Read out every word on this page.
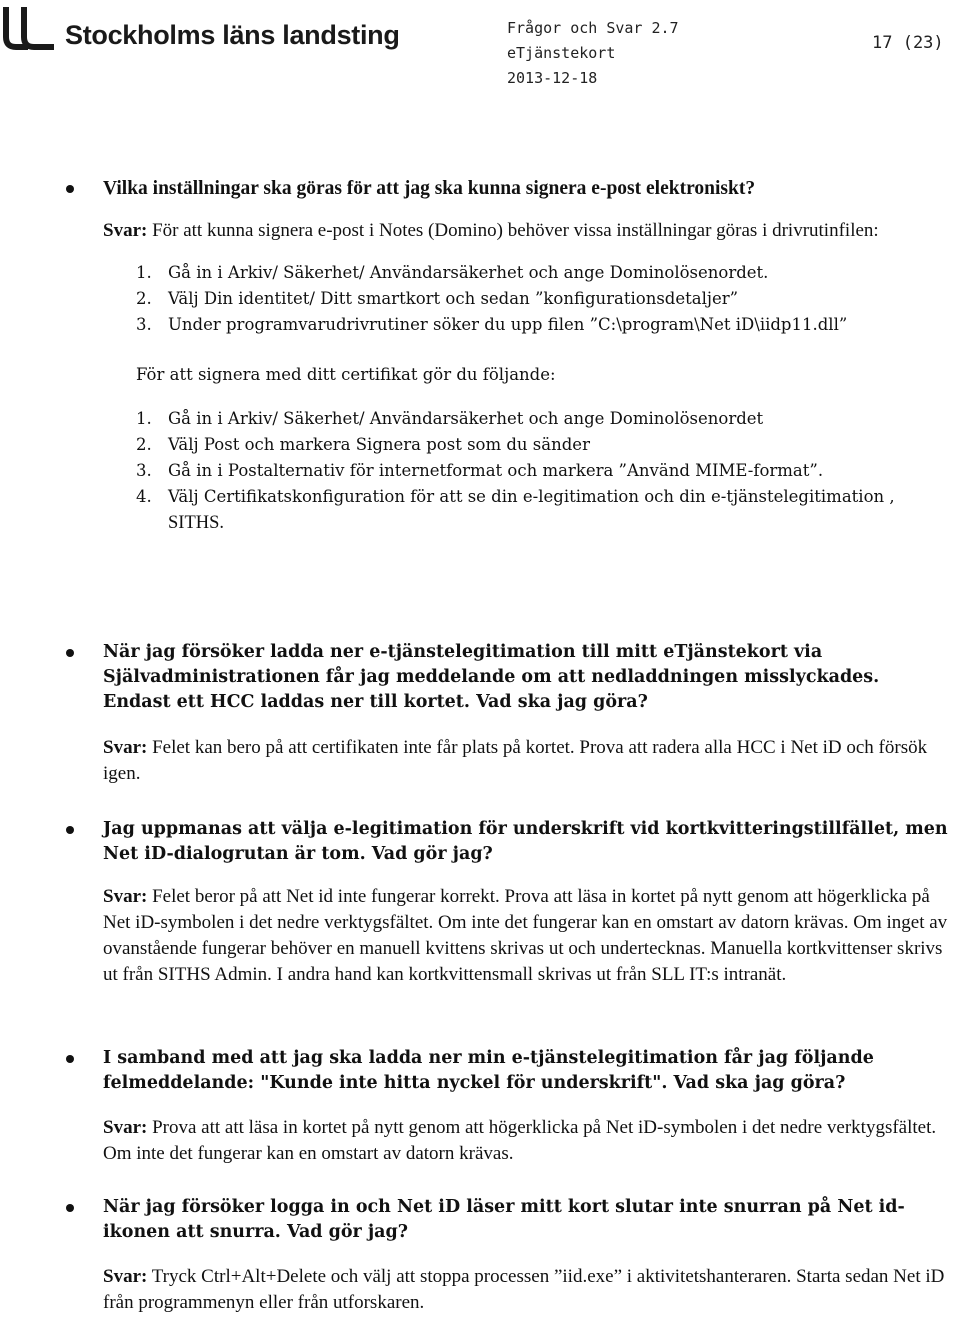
Stockholms läns landsting	Frågor och Svar 2.7
eTjänstekort
2013-12-18
17 (23)

Vilka inställningar ska göras för att jag ska kunna signera e-post elektroniskt?

Svar: För att kunna signera e-post i Notes (Domino) behöver vissa inställningar göras i drivrutinfilen:

1. Gå in i Arkiv/ Säkerhet/ Användarsäkerhet och ange Dominolösenordet.
2. Välj Din identitet/ Ditt smartkort och sedan ”konfigurationsdetaljer”
3. Under programvarudrivrutiner söker du upp filen ”C:\program\Net iD\iidp11.dll”

För att signera med ditt certifikat gör du följande:

1. Gå in i Arkiv/ Säkerhet/ Användarsäkerhet och ange Dominolösenordet
2. Välj Post och markera Signera post som du sänder
3. Gå in i Postalternativ för internetformat och markera ”Använd MIME-format”.
4. Välj Certifikatskonfiguration för att se din e-legitimation och din e-tjänstelegitimation ,
SITHS.

När jag försöker ladda ner e-tjänstelegitimation till mitt eTjänstekort via Självadministrationen får jag meddelande om att nedladdningen misslyckades. Endast ett HCC laddas ner till kortet. Vad ska jag göra?

Svar: Felet kan bero på att certifikaten inte får plats på kortet. Prova att radera alla HCC i Net iD och försök igen.

Jag uppmanas att välja e-legitimation för underskrift vid kortkvitteringstillfället, men Net iD-dialogrutan är tom. Vad gör jag?

Svar: Felet beror på att Net id inte fungerar korrekt. Prova att läsa in kortet på nytt genom att högerklicka på Net iD-symbolen i det nedre verktygsfältet. Om inte det fungerar kan en omstart av datorn krävas. Om inget av ovanstående fungerar behöver en manuell kvittens skrivas ut och undertecknas. Manuella kortkvittenser skrivs ut från SITHS Admin. I andra hand kan kortkvittensmall skrivas ut från SLL IT:s intranät.

I samband med att jag ska ladda ner min e-tjänstelegitimation får jag följande felmeddelande: "Kunde inte hitta nyckel för underskrift". Vad ska jag göra?

Svar: Prova att att läsa in kortet på nytt genom att högerklicka på Net iD-symbolen i det nedre verktygsfältet. Om inte det fungerar kan en omstart av datorn krävas.

När jag försöker logga in och Net iD läser mitt kort slutar inte snurran på Net id-ikonen att snurra. Vad gör jag?

Svar: Tryck Ctrl+Alt+Delete och välj att stoppa processen ”iid.exe” i aktivitetshanteraren. Starta sedan Net iD från programmenyn eller från utforskaren.
